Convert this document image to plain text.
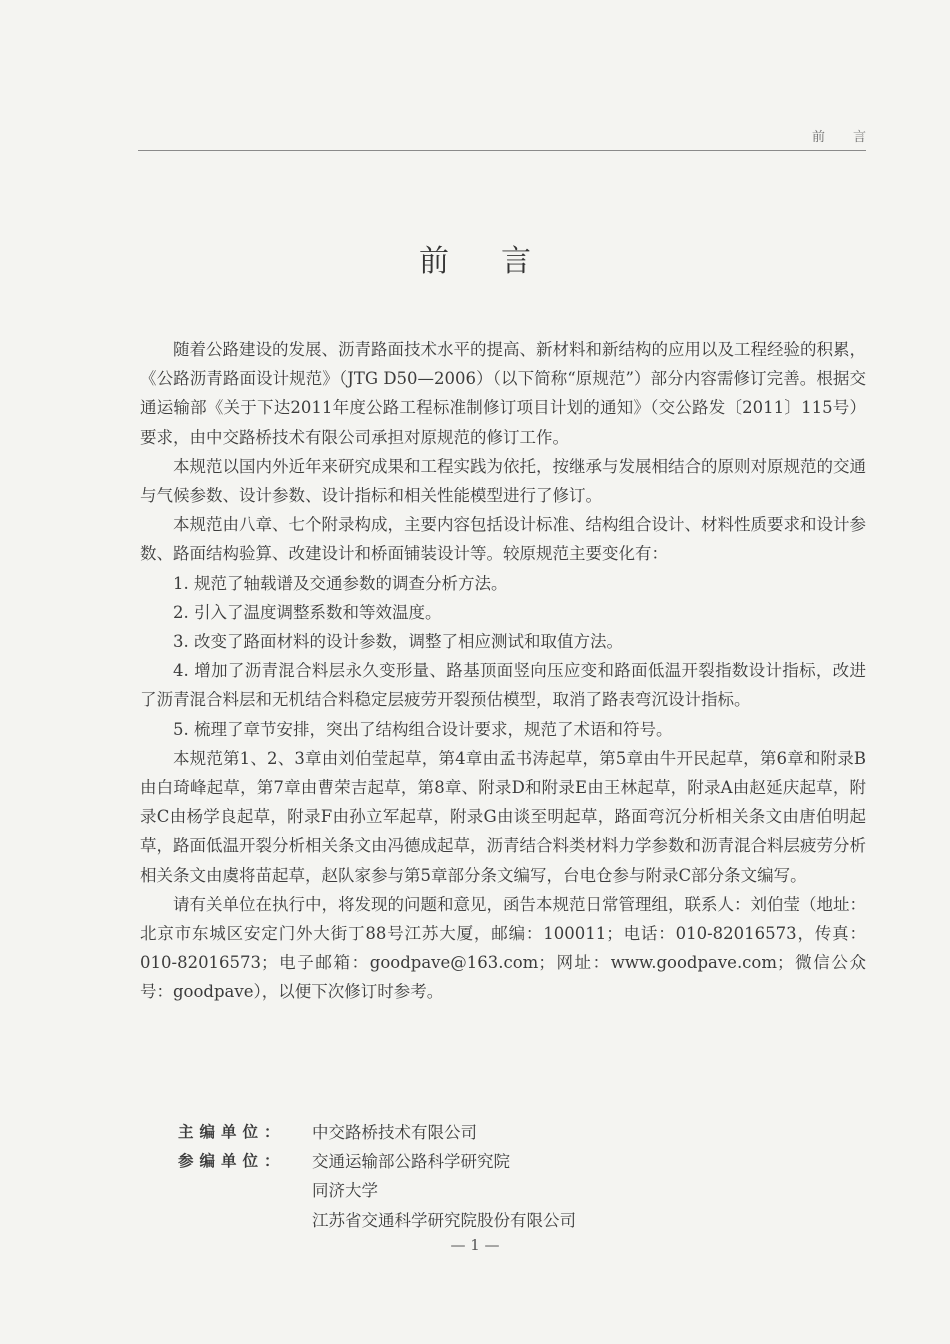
前言
前言

随着公路建设的发展、沥青路面技术水平的提高、新材料和新结构的应用以及工程经验的积累，《公路沥青路面设计规范》（JTG D50—2006）（以下简称“原规范”）部分内容需修订完善。根据交通运输部《关于下达2011年度公路工程标准制修订项目计划的通知》（交公路发〔2011〕115号）要求，由中交路桥技术有限公司承担对原规范的修订工作。

本规范以国内外近年来研究成果和工程实践为依托，按继承与发展相结合的原则对原规范的交通与气候参数、设计参数、设计指标和相关性能模型进行了修订。

本规范由八章、七个附录构成，主要内容包括设计标准、结构组合设计、材料性质要求和设计参数、路面结构验算、改建设计和桥面铺装设计等。较原规范主要变化有：

1. 规范了轴载谱及交通参数的调查分析方法。

2. 引入了温度调整系数和等效温度。

3. 改变了路面材料的设计参数，调整了相应测试和取值方法。

4. 增加了沥青混合料层永久变形量、路基顶面竖向压应变和路面低温开裂指数设计指标，改进了沥青混合料层和无机结合料稳定层疲劳开裂预估模型，取消了路表弯沉设计指标。

5. 梳理了章节安排，突出了结构组合设计要求，规范了术语和符号。

本规范第1、2、3章由刘伯莹起草，第4章由孟书涛起草，第5章由牛开民起草，第6章和附录B由白琦峰起草，第7章由曹荣吉起草，第8章、附录D和附录E由王林起草，附录A由赵延庆起草，附录C由杨学良起草，附录F由孙立军起草，附录G由谈至明起草，路面弯沉分析相关条文由唐伯明起草，路面低温开裂分析相关条文由冯德成起草，沥青结合料类材料力学参数和沥青混合料层疲劳分析相关条文由虞将苗起草，赵队家参与第5章部分条文编写，台电仓参与附录C部分条文编写。

请有关单位在执行中，将发现的问题和意见，函告本规范日常管理组，联系人：刘伯莹（地址：北京市东城区安定门外大街丁88号江苏大厦，邮编：100011；电话：010-82016573，传真：010-82016573；电子邮箱：goodpave@163.com；网址：www.goodpave.com；微信公众号：goodpave），以便下次修订时参考。

主编单位：	中交路桥技术有限公司
参编单位：	交通运输部公路科学研究院
同济大学
江苏省交通科学研究院股份有限公司
— 1 —
